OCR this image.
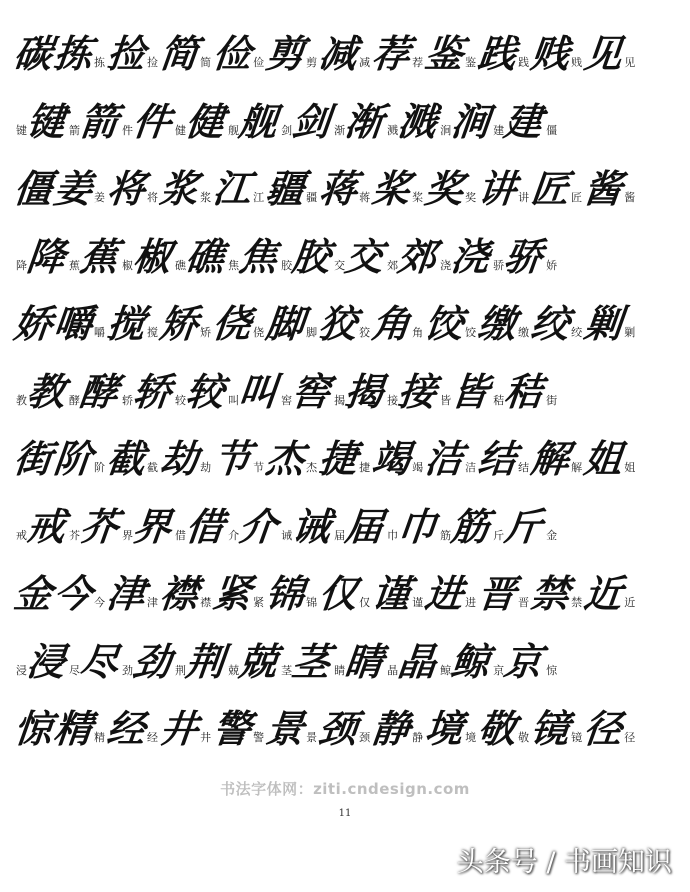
碳
拣 拣 捡 捡 简 简 俭 俭 剪 剪 减 减 荐 荐 鉴 鉴 践 践 贱 贱 见 见
键
键 箭
箭 件
件 健
健 舰
舰 剑
剑 渐
渐 溅
溅 涧
涧 建
建 僵
僵
姜 姜 将 将 浆 浆 江 江 疆 疆 蒋 蒋 桨 桨 奖 奖 讲 讲 匠 匠 酱 酱
降
降 蕉
蕉 椒
椒 礁
礁 焦
焦 胶
胶 交
交 郊
郊 浇
浇 骄
骄 娇
娇
嚼 嚼 搅 搅 矫 矫 侥 侥 脚 脚 狡 狡 角 角 饺 饺 缴 缴 绞 绞 剿 剿
教
教 酵
酵 轿
轿 较
较 叫
叫 窖
窖 揭
揭 接
接 皆
皆 秸
秸 街
街
阶 阶 截 截 劫 劫 节 节 杰 杰 捷 捷 竭 竭 洁 洁 结 结 解 解 姐 姐
戒
戒 芥
芥 界
界 借
借 介
介 诫
诫 届
届 巾
巾 筋
筋 斤
斤 金
金
今 今 津 津 襟 襟 紧 紧 锦 锦 仅 仅 谨 谨 进 进 晋 晋 禁 禁 近 近
浸
浸 尽
尽 劲
劲 荆
荆 兢
兢 茎
茎 睛
睛 晶
晶 鲸
鲸 京
京 惊
惊
精 精 经 经 井 井 警 警 景 景 颈 颈 静 静 境 境 敬 敬 镜 镜 径 径
书法字体网：ziti.cndesign.com
11
头条号 / 书画知识
